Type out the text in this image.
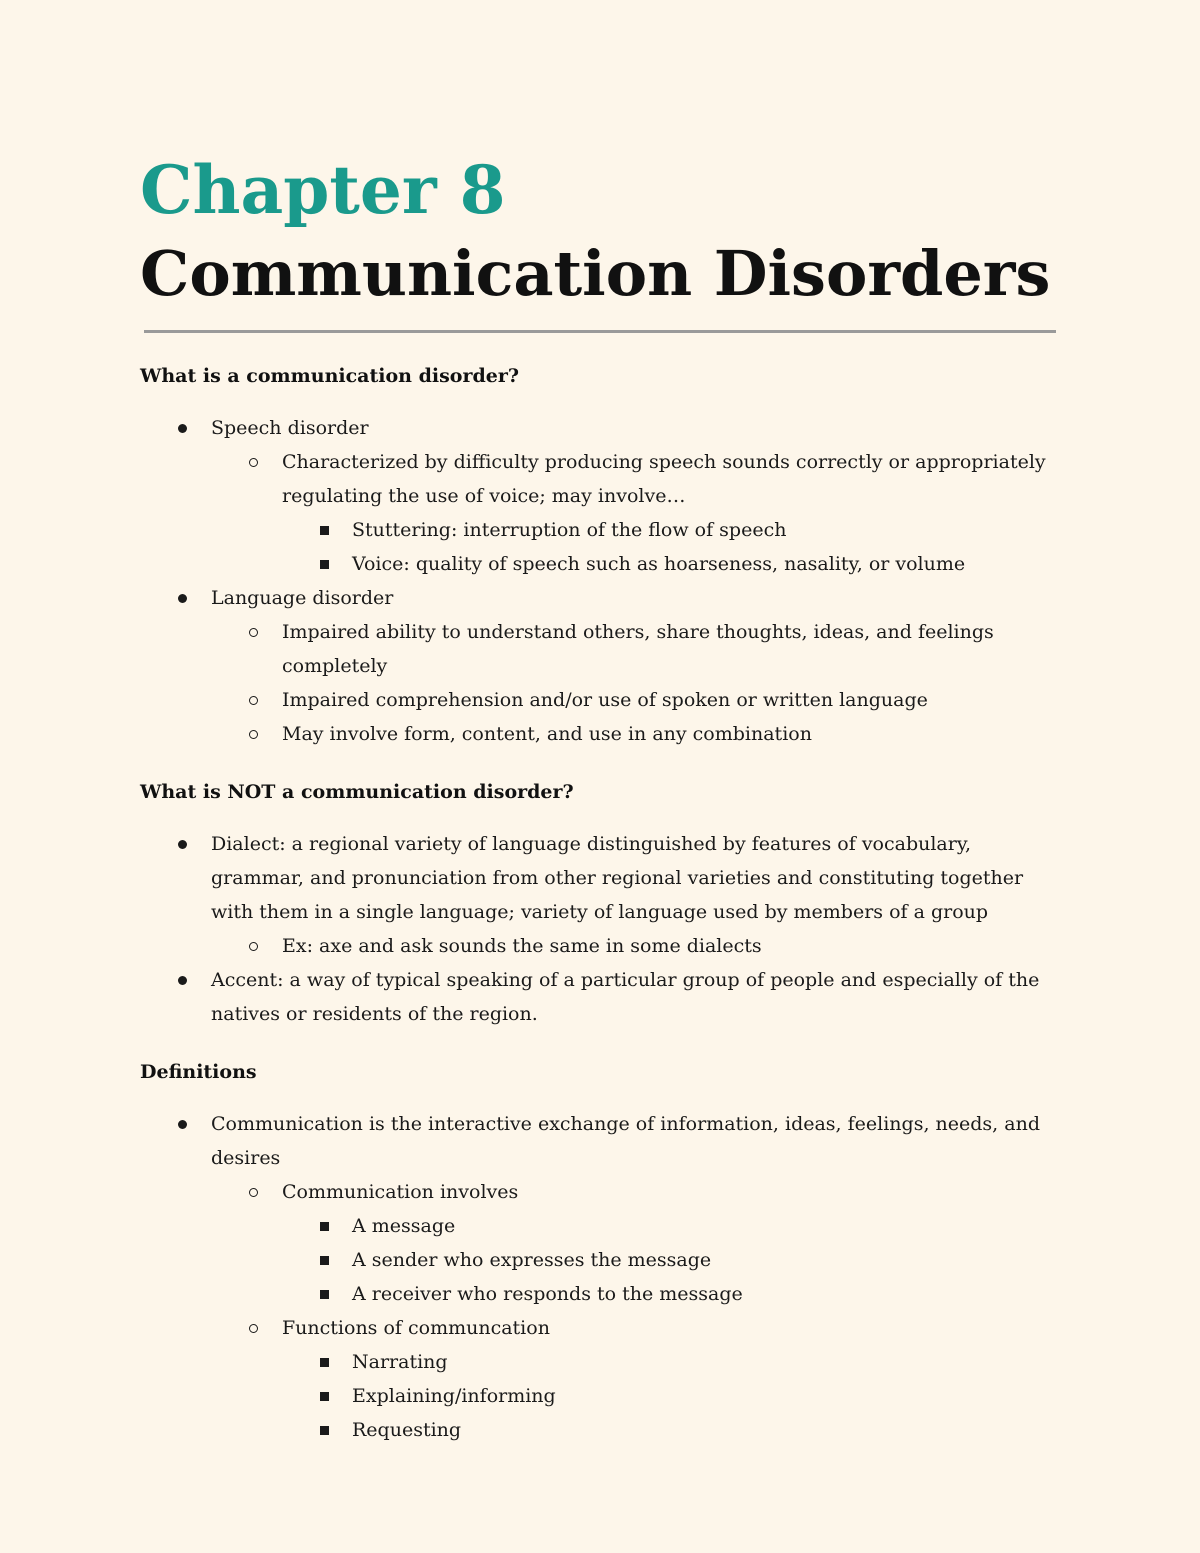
Chapter 8
Communication Disorders
What is a communication disorder?
Speech disorder
Characterized by difficulty producing speech sounds correctly or appropriately regulating the use of voice; may involve…
Stuttering: interruption of the flow of speech
Voice: quality of speech such as hoarseness, nasality, or volume
Language disorder
Impaired ability to understand others, share thoughts, ideas, and feelings completely
Impaired comprehension and/or use of spoken or written language
May involve form, content, and use in any combination
What is NOT a communication disorder?
Dialect: a regional variety of language distinguished by features of vocabulary, grammar, and pronunciation from other regional varieties and constituting together with them in a single language; variety of language used by members of a group
Ex: axe and ask sounds the same in some dialects
Accent: a way of typical speaking of a particular group of people and especially of the natives or residents of the region.
Definitions
Communication is the interactive exchange of information, ideas, feelings, needs, and desires
Communication involves
A message
A sender who expresses the message
A receiver who responds to the message
Functions of communcation
Narrating
Explaining/informing
Requesting
